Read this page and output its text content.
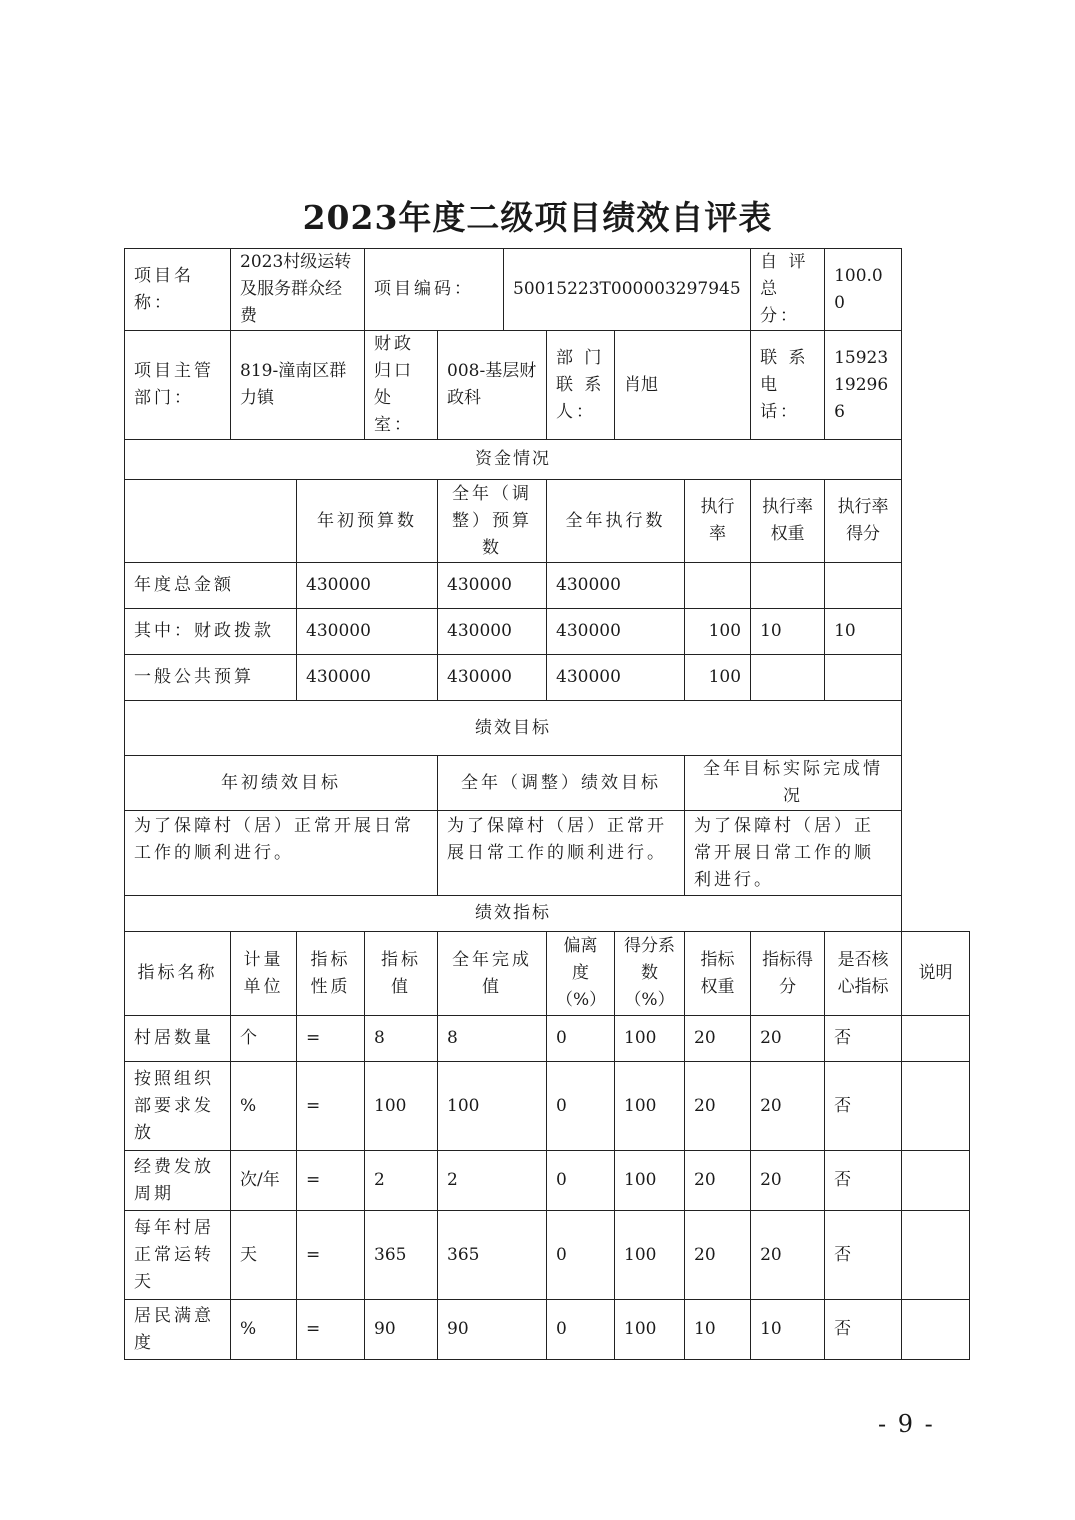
2023年度二级项目绩效自评表
项目名称：	2023村级运转及服务群众经费		项目编码：		50015223T000003297945				自 评 总分：	100.00	
项目主管部门：	819-潼南区群力镇		财政归口处室：	008-基层财政科		部 门 联 系 人：	肖旭		联 系 电话：	15923192966	
资金情况											
		年初预算数		全年（调整）预算数		全年执行数		执行率	执行率权重	执行率得分	
年度总金额		430000		430000		430000					
其中：财政拨款		430000		430000		430000		100	10	10	
一般公共预算		430000		430000		430000		100			
绩效目标											
年初绩效目标				全年（调整）绩效目标				全年目标实际完成情况			
为了保障村（居）正常开展日常工作的顺利进行。				为了保障村（居）正常开展日常工作的顺利进行。				为了保障村（居）正常开展日常工作的顺利进行。			
绩效指标											
指标名称	计量单位	指标性质	指标值	全年完成值		偏离度（%）	得分系数（%）	指标权重	指标得分	是否核心指标	说明
村居数量	个	=	8	8		0	100	20	20	否	
按照组织部要求发放	%	=	100	100		0	100	20	20	否	
经费发放周期	次/年	=	2	2		0	100	20	20	否	
每年村居正常运转天	天	=	365	365		0	100	20	20	否	
居民满意度	%	=	90	90		0	100	10	10	否	
- 9 -
